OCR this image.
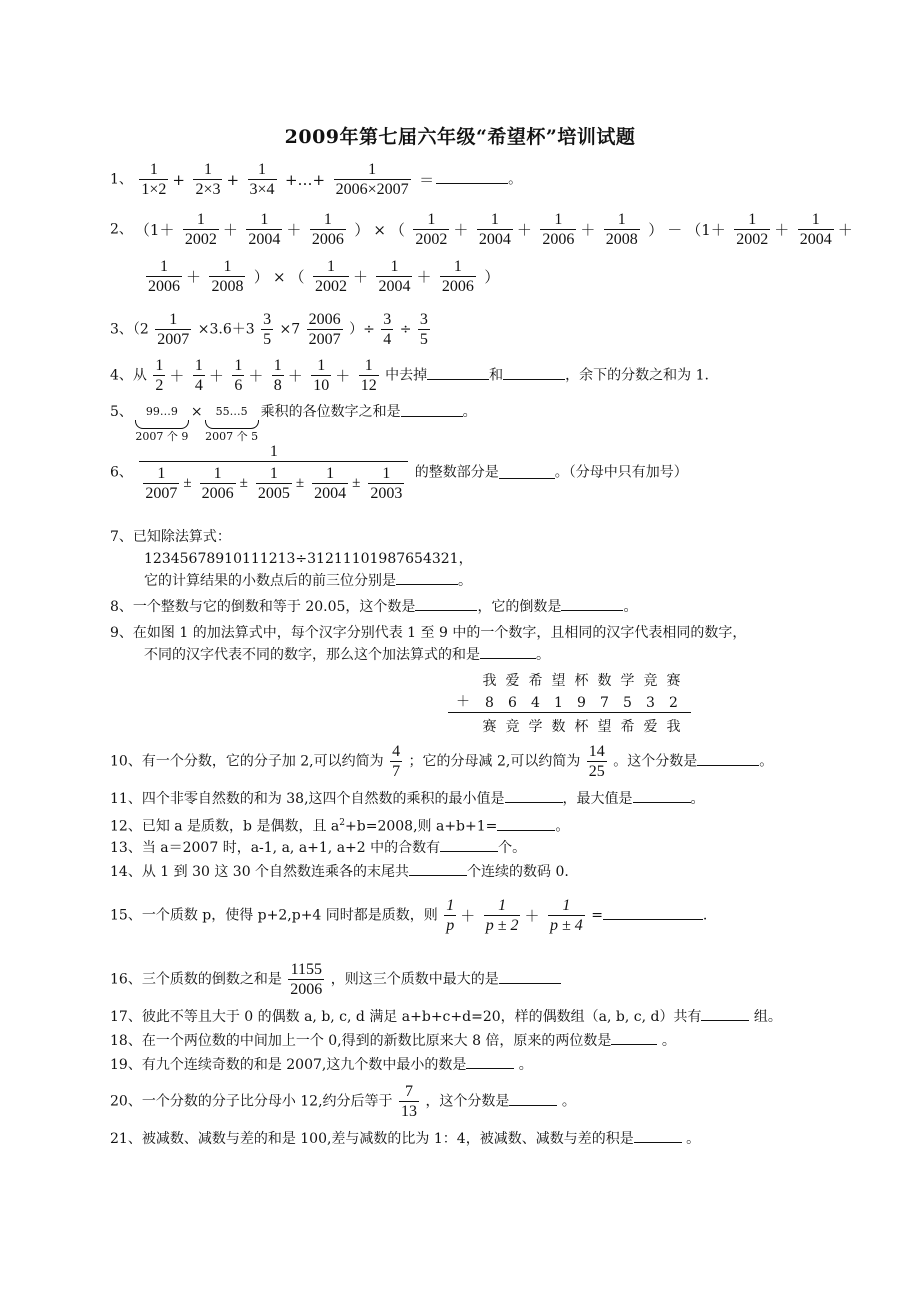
2009年第七届六年级“希望杯”培训试题
1、 $\frac{1}{1\times 2} + \frac{1}{2\times 3} + \frac{1}{3\times 4}$ +…+ $\frac{1}{2006\times 2007}$ ＝	。
2、 （$1+ \frac{1}{2002} + \frac{1}{2004} + \frac{1}{2006}$ ） × （ $\frac{1}{2002} + \frac{1}{2004} + \frac{1}{2006} + \frac{1}{2008}$ ） － （$1+ \frac{1}{2002} + \frac{1}{2004}$ ＋
$\frac{1}{2006} + \frac{1}{2008}$ ） × （ $\frac{1}{2002} + \frac{1}{2004} + \frac{1}{2006}$ ）
3、（$2 \frac{1}{2007} \times 3.6+3 \frac{3}{5} \times 7 \frac{2006}{2007}$ ）÷ $\frac{3}{4} \div \frac{3}{5}$
4、从 $\frac{1}{2} + \frac{1}{4} + \frac{1}{6} + \frac{1}{8} + \frac{1}{10} + \frac{1}{12}$ 中去掉	和	，余下的分数之和为 1.
5、 99…9
2007 个 9× 55…5
2007 个 5乘积的各位数字之和是	。
6、 $\frac{1}{\frac{1}{2007} \pm \frac{1}{2006} \pm \frac{1}{2005} \pm \frac{1}{2004} \pm \frac{1}{2003}}$ 的整数部分是	。（分母中只有加号）
7、已知除法算式：
12345678910111213÷31211101987654321，
它的计算结果的小数点后的前三位分别是	。
8、一个整数与它的倒数和等于 20.05，这个数是	，它的倒数是	。
9、在如图 1 的加法算式中，每个汉字分别代表 1 至 9 中的一个数字，且相同的汉字代表相同的数字，
不同的汉字代表不同的数字，那么这个加法算式的和是	。
我 爱 希 望 杯 数 学 竞 赛
＋	8	6	4	1	9	7	5	3	2
赛 竞 学 数 杯 望 希 爱 我
10、有一个分数，它的分子加 2,可以约简为 $\frac{4}{7}$ ；它的分母减 2,可以约简为 $\frac{14}{25}$ 。这个分数是	。
11、四个非零自然数的和为 38,这四个自然数的乘积的最小值是	，最大值是	。
12、已知 a 是质数，b 是偶数，且 $a^2+b=2008$,则 a+b+1=	。
13、当 a＝2007 时，a-1, a, a+1, a+2 中的合数有	个。
14、从 1 到 30 这 30 个自然数连乘各的末尾共	个连续的数码 0.
15、一个质数 p，使得 p+2,p+4 同时都是质数，则 $\frac{1}{p} + \frac{1}{p \pm 2} + \frac{1}{p \pm 4}$ =	.
16、三个质数的倒数之和是 $\frac{1155}{2006}$ ，则这三个质数中最大的是
17、彼此不等且大于 0 的偶数 a, b, c, d 满足 a+b+c+d=20，样的偶数组（a, b, c, d）共有	组。
18、在一个两位数的中间加上一个 0,得到的新数比原来大 8 倍，原来的两位数是	。
19、有九个连续奇数的和是 2007,这九个数中最小的数是	。
20、一个分数的分子比分母小 12,约分后等于 $\frac{7}{13}$ ，这个分数是	。
21、被减数、减数与差的和是 100,差与减数的比为 1：4，被减数、减数与差的积是	。
